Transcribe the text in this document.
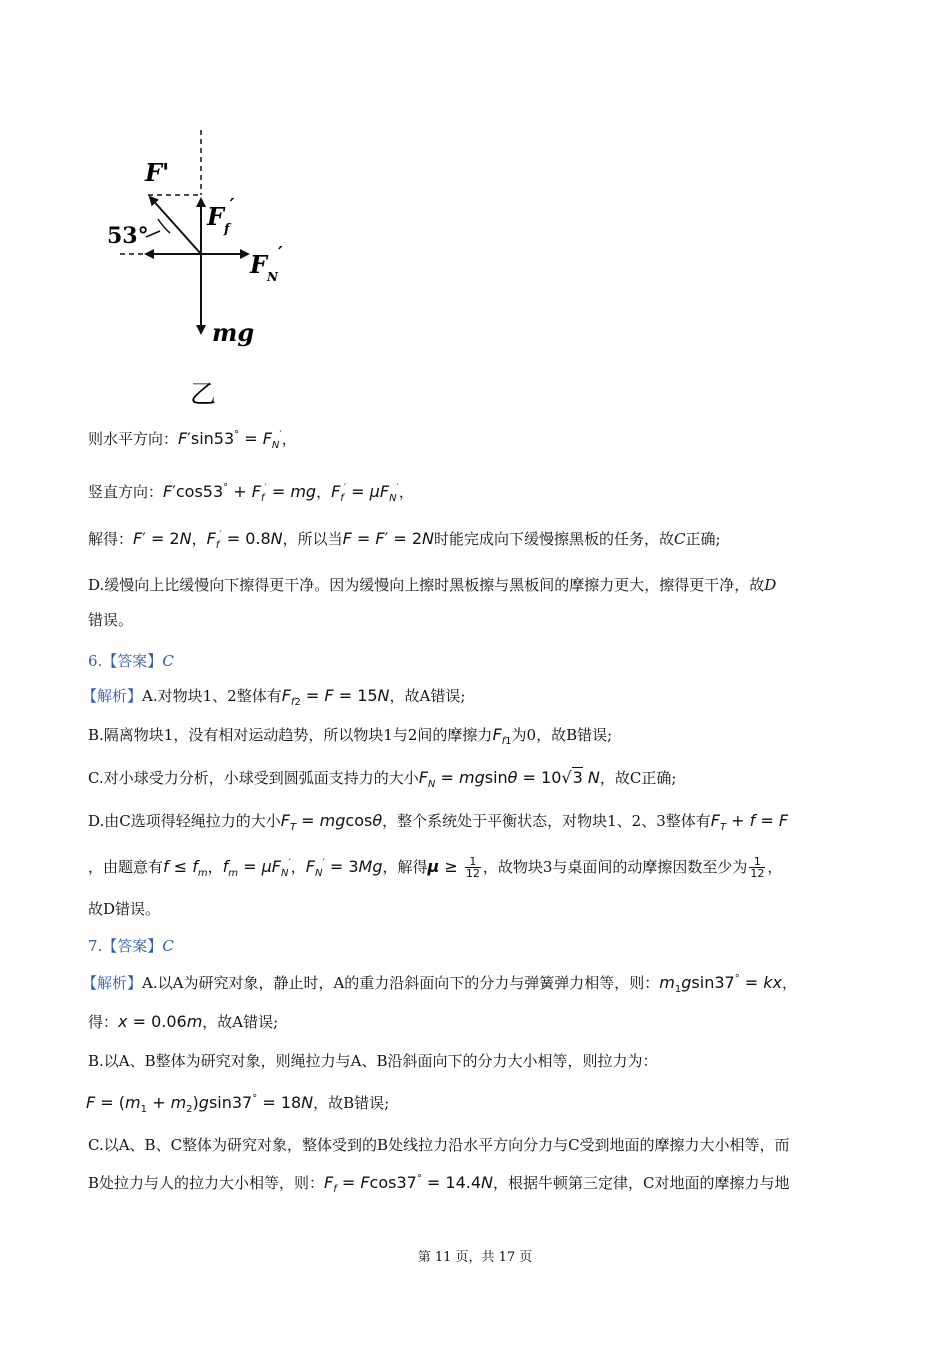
F'
53°
$F_f'$
$F_N'$
mg
乙
则水平方向：$F'\sin 53^\circ = F_N'$，
竖直方向：$F'\cos 53^\circ + F_f'$ = mg，$F_f' = \mu F_N'$，
解得：F′ = 2N，$F_f' = 0.8N$，所以当F = F′ = 2N时能完成向下缓慢擦黑板的任务，故C正确;
D.缓慢向上比缓慢向下擦得更干净。因为缓慢向上擦时黑板擦与黑板间的摩擦力更大，擦得更干净，故D
错误。
6.【答案】C
【解析】A.对物块1、2整体有$F_{f2} = F = 15N$，故A错误;
B.隔离物块1，没有相对运动趋势，所以物块1与2间的摩擦力$F_{f1}$为0，故B错误;
C.对小球受力分析，小球受到圆弧面支持力的大小$F_N = mgsin\theta = 10√3$ N，故C正确;
D.由C选项得轻绳拉力的大小$F_T = mgcos\theta$，整个系统处于平衡状态，对物块1、2、3整体有$F_T + f = F$
，由题意有$f \le f_m$，$f_m = \mu F_N'$，$F_N' = 3Mg$，解得$\mu \ge \frac{1}{12}$ ，故物块3与桌面间的动摩擦因数至少为 $\frac{1}{12}$ ，
故D错误。
7.【答案】C
【解析】A.以A为研究对象，静止时，A的重力沿斜面向下的分力与弹簧弹力相等，则：$m_1gsin37^\circ$ = kx，
得：x = 0.06m，故A错误;
B.以A、B整体为研究对象，则绳拉力与A、B沿斜面向下的分力大小相等，则拉力为：
$F = (m_1 + m_2)gsin37^\circ = 18N$，故B错误;
C.以A、B、C整体为研究对象，整体受到的B处线拉力沿水平方向分力与C受到地面的摩擦力大小相等，而
B处拉力与人的拉力大小相等，则：$F_f = Fcos37^\circ = 14.4N$，根据牛顿第三定律，C对地面的摩擦力与地
第 11 页，共 17 页
